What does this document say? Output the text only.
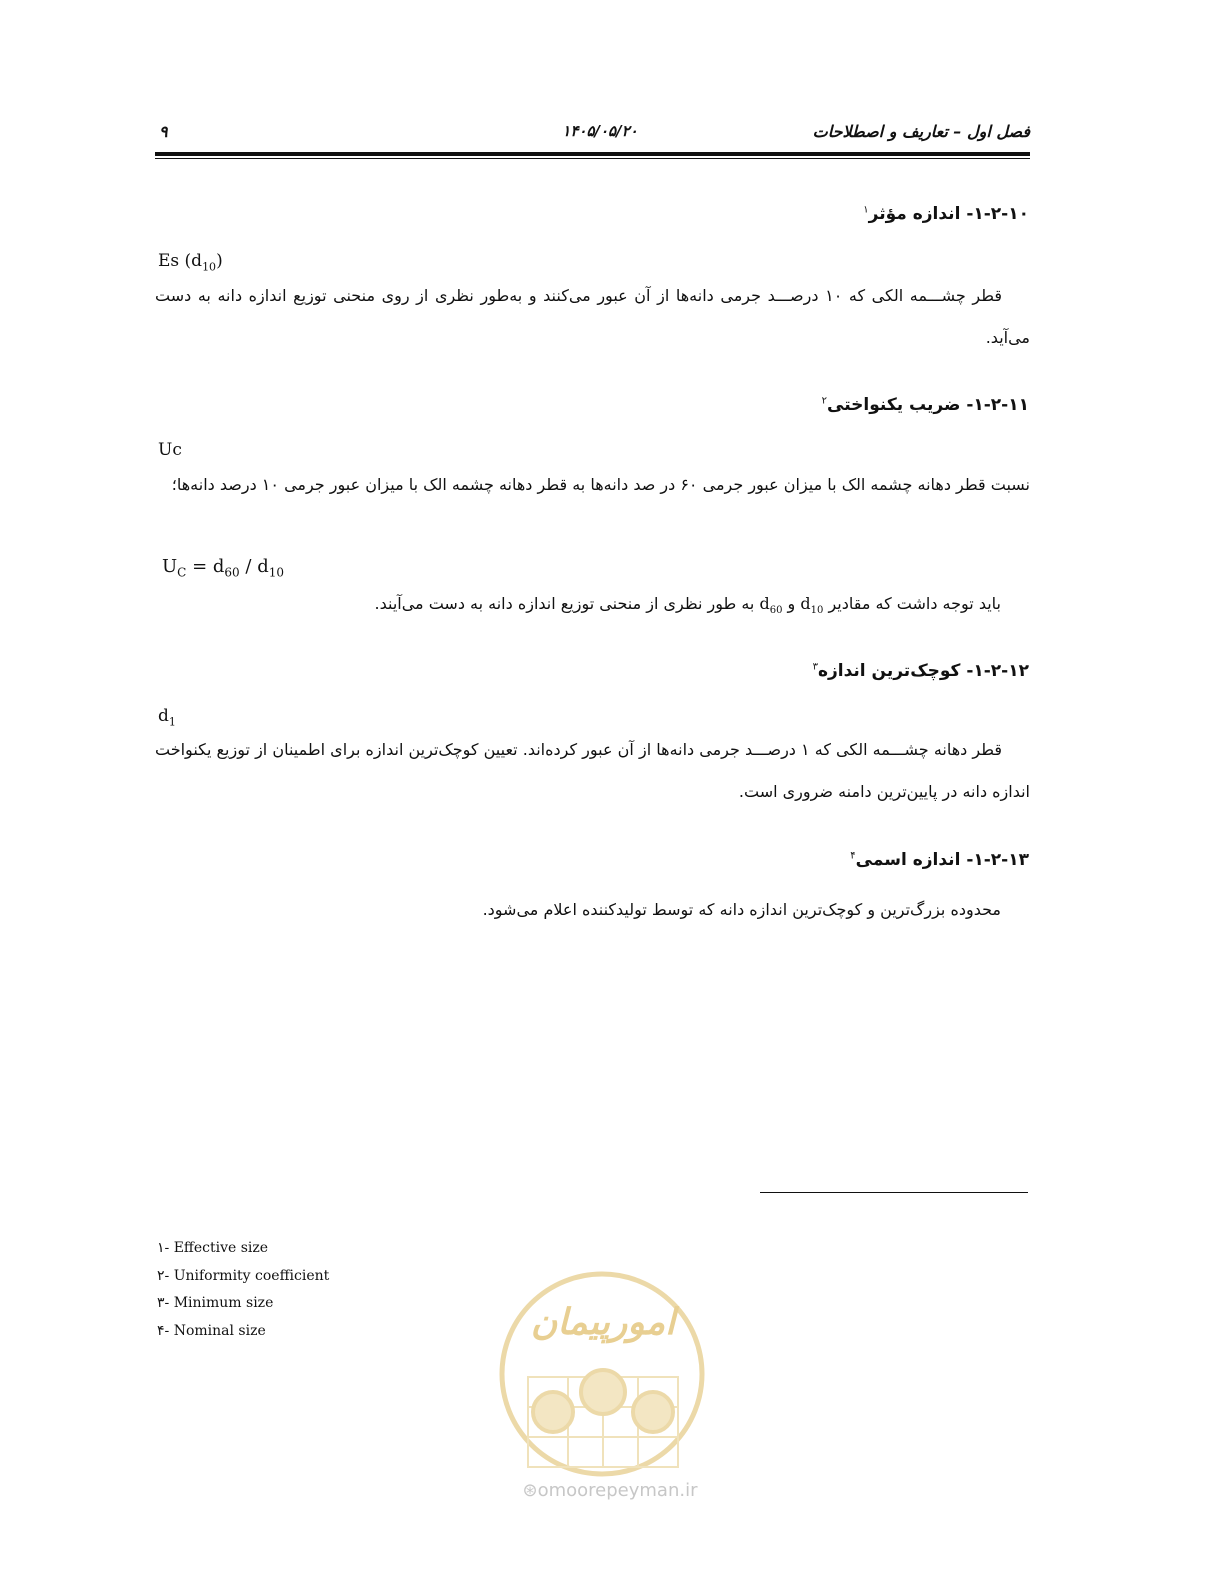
فصل اول – تعاریف و اصطلاحات
۱۴۰۵/۰۵/۲۰
۹
۱-۲-۱۰- اندازه مؤثر$^۱$
Es $(d_{10})$
قطر چشـــمه الکی که ۱۰ درصـــد جرمی دانه‌ها از آن عبور می‌کنند و به‌طور نظری از روی منحنی توزیع اندازه دانه به دست می‌آید.
۱-۲-۱۱- ضریب یکنواختی$^۲$
Uc
نسبت قطر دهانه چشمه الک با میزان عبور جرمی ۶۰ در صد دانه‌ها به قطر دهانه چشمه الک با میزان عبور جرمی ۱۰ درصد دانه‌ها؛
$U_C = d_{60} / d_{10}$
باید توجه داشت که مقادیر $d_{10}$ و $d_{60}$ به طور نظری از منحنی توزیع اندازه دانه به دست می‌آیند.
۱-۲-۱۲- کوچک‌ترین اندازه$^۳$
$d_1$
قطر دهانه چشـــمه الکی که ۱ درصـــد جرمی دانه‌ها از آن عبور کرده‌اند. تعیین کوچک‌ترین اندازه برای اطمینان از توزیع یکنواخت اندازه دانه در پایین‌ترین دامنه ضروری است.
۱-۲-۱۳- اندازه اسمی$^۴$
محدوده بزرگ‌ترین و کوچک‌ترین اندازه دانه که توسط تولیدکننده اعلام می‌شود.
۱- Effective size
۲- Uniformity coefficient
۳- Minimum size
۴- Nominal size	امورپیمان
⊛omoorepeyman.ir
